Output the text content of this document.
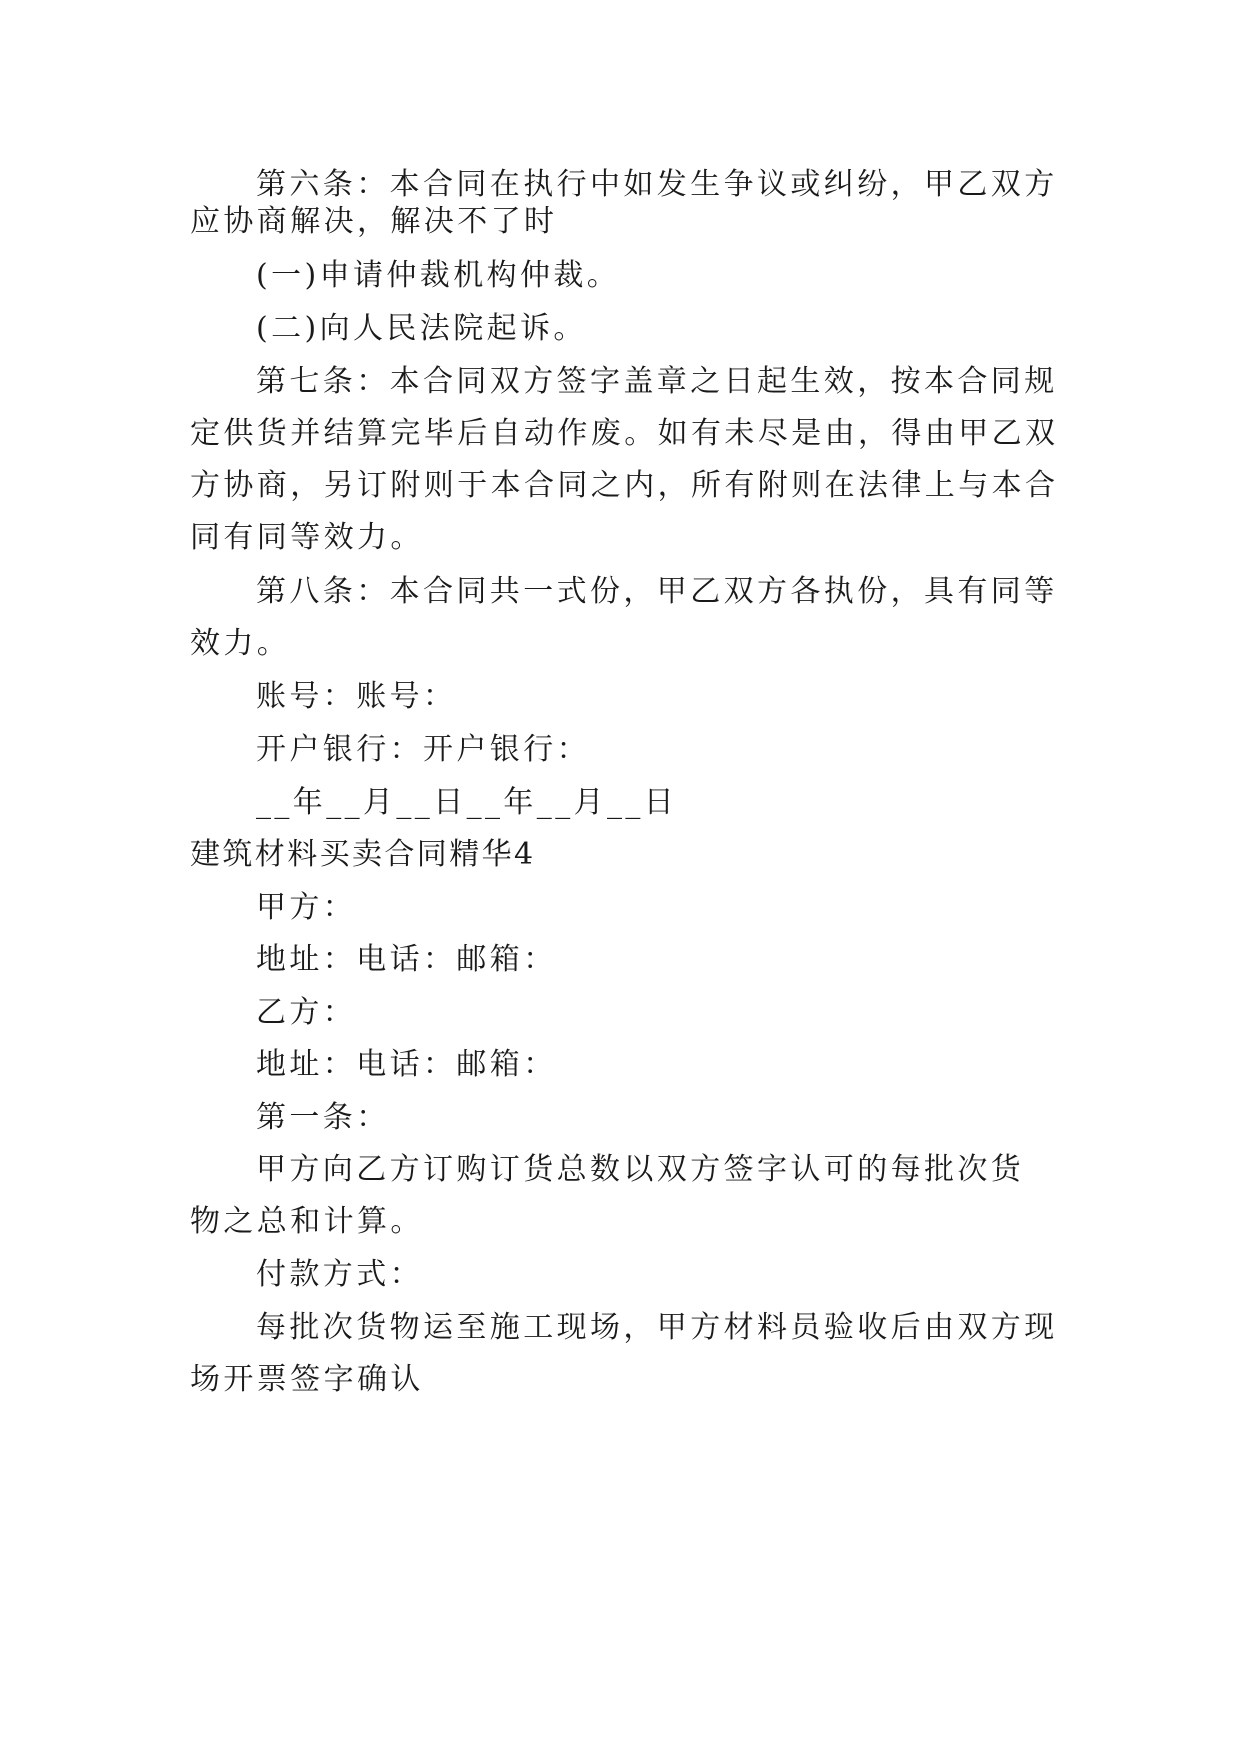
第六条：本合同在执行中如发生争议或纠纷，甲乙双方
应协商解决，解决不了时
(一)申请仲裁机构仲裁。
(二)向人民法院起诉。
第七条：本合同双方签字盖章之日起生效，按本合同规
定供货并结算完毕后自动作废。如有未尽是由，得由甲乙双
方协商，另订附则于本合同之内，所有附则在法律上与本合
同有同等效力。
第八条：本合同共一式份，甲乙双方各执份，具有同等
效力。
账号：账号：
开户银行：开户银行：
__年__月__日__年__月__日
建筑材料买卖合同精华4
甲方：
地址：电话：邮箱：
乙方：
地址：电话：邮箱：
第一条：
甲方向乙方订购订货总数以双方签字认可的每批次货
物之总和计算。
付款方式：
每批次货物运至施工现场，甲方材料员验收后由双方现
场开票签字确认
